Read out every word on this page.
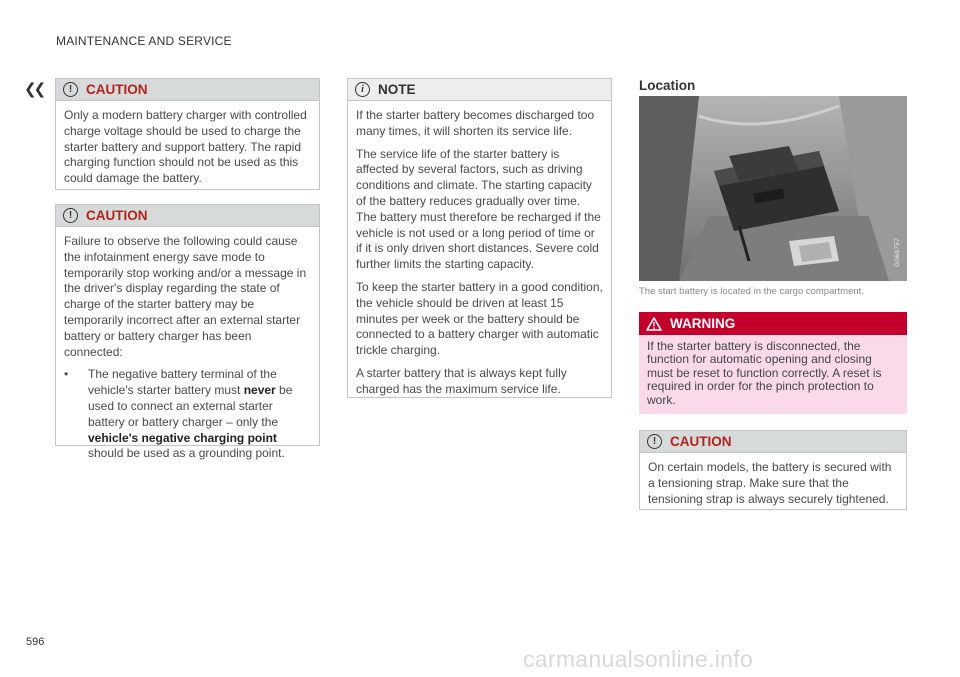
MAINTENANCE AND SERVICE
❮❮	!	CAUTION

Only a modern battery charger with controlled charge voltage should be used to charge the starter battery and support battery. The rapid charging function should not be used as this could damage the battery.

!	CAUTION

Failure to observe the following could cause the infotainment energy save mode to temporarily stop working and/or a message in the driver's display regarding the state of charge of the starter battery may be temporarily incorrect after an external starter battery or battery charger has been connected:

•	The negative battery terminal of the vehicle's starter battery must never be used to connect an external starter battery or battery charger – only the vehicle's negative charging point should be used as a grounding point.
i	NOTE

If the starter battery becomes discharged too many times, it will shorten its service life.

The service life of the starter battery is affected by several factors, such as driving conditions and climate. The starting capacity of the battery reduces gradually over time. The battery must therefore be recharged if the vehicle is not used or a long period of time or if it is only driven short distances. Severe cold further limits the starting capacity.

To keep the starter battery in a good condition, the vehicle should be driven at least 15 minutes per week or the battery should be connected to a battery charger with automatic trickle charging.

A starter battery that is always kept fully charged has the maximum service life.

Location
G069757
The start battery is located in the cargo compartment.
WARNING

If the starter battery is disconnected, the function for automatic opening and closing must be reset to function correctly. A reset is required in order for the pinch protection to work.

!	CAUTION

On certain models, the battery is secured with a tensioning strap. Make sure that the tensioning strap is always securely tightened.

596
carmanualsonline.info
